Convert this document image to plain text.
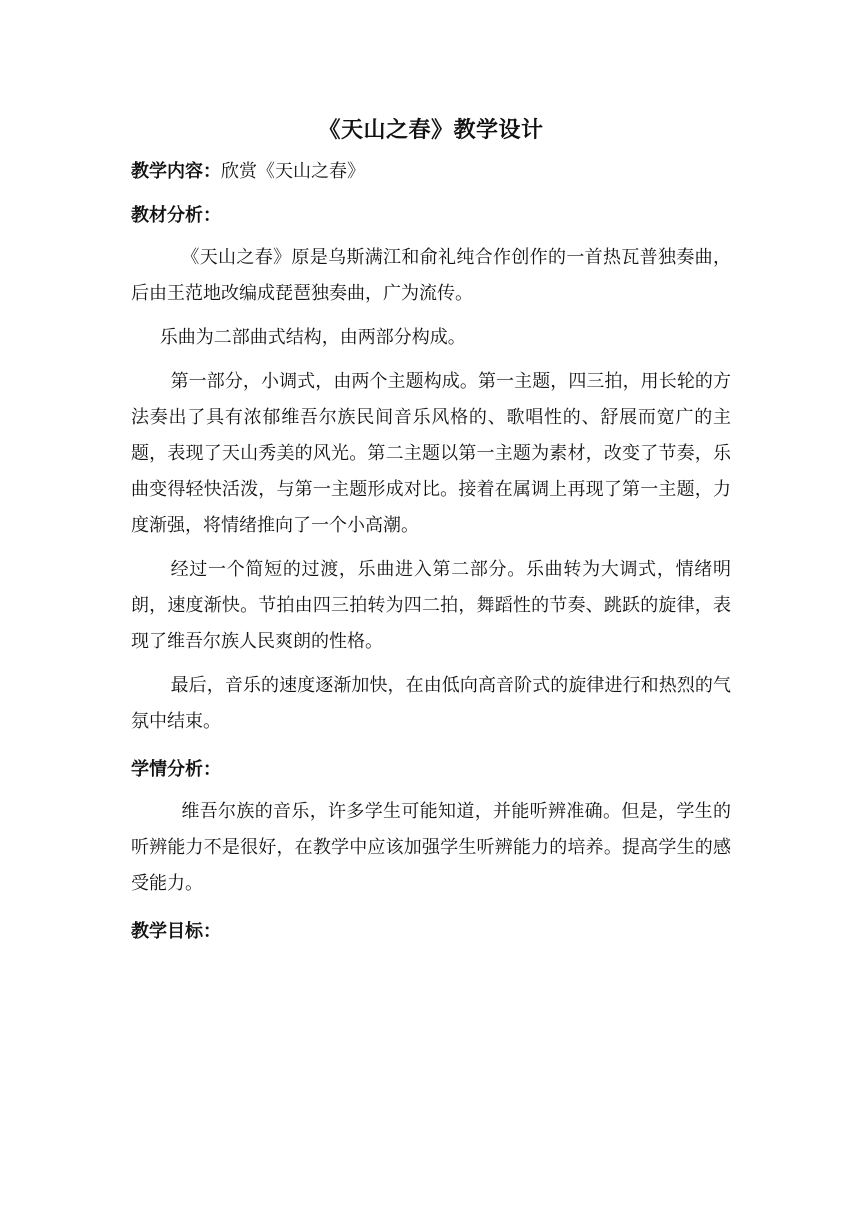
《天山之春》教学设计
教学内容：欣赏《天山之春》
教材分析：

《天山之春》原是乌斯满江和俞礼纯合作创作的一首热瓦普独奏曲，后由王范地改编成琵琶独奏曲，广为流传。

乐曲为二部曲式结构，由两部分构成。

第一部分，小调式，由两个主题构成。第一主题，四三拍，用长轮的方法奏出了具有浓郁维吾尔族民间音乐风格的、歌唱性的、舒展而宽广的主题，表现了天山秀美的风光。第二主题以第一主题为素材，改变了节奏，乐曲变得轻快活泼，与第一主题形成对比。接着在属调上再现了第一主题，力度渐强，将情绪推向了一个小高潮。

经过一个简短的过渡，乐曲进入第二部分。乐曲转为大调式，情绪明朗，速度渐快。节拍由四三拍转为四二拍，舞蹈性的节奏、跳跃的旋律，表现了维吾尔族人民爽朗的性格。

最后，音乐的速度逐渐加快，在由低向高音阶式的旋律进行和热烈的气氛中结束。

学情分析：

维吾尔族的音乐，许多学生可能知道，并能听辨准确。但是，学生的听辨能力不是很好，在教学中应该加强学生听辨能力的培养。提高学生的感受能力。

教学目标：
